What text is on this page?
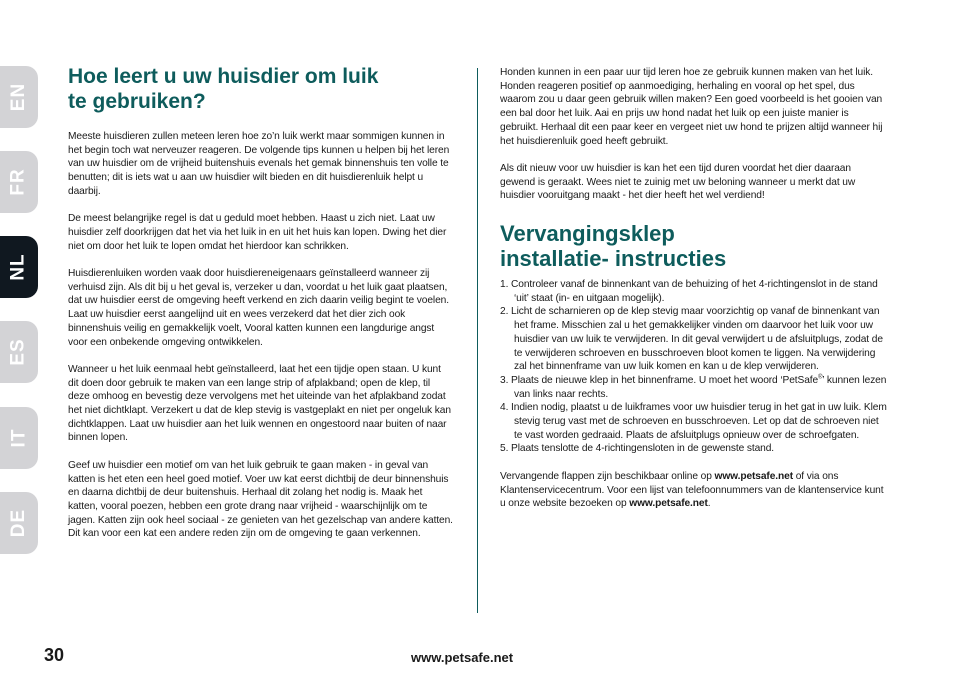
EN
FR
NL
ES
IT
DE
Hoe leert u uw huisdier om luik
te gebruiken?

Meeste huisdieren zullen meteen leren hoe zo’n luik werkt maar sommigen kunnen in het begin toch wat nerveuzer reageren. De volgende tips kunnen u helpen bij het leren van uw huisdier om de vrijheid buitenshuis evenals het gemak binnenshuis ten volle te benutten; dit is iets wat u aan uw huisdier wilt bieden en dit huisdierenluik helpt u daarbij.

De meest belangrijke regel is dat u geduld moet hebben. Haast u zich niet. Laat uw huisdier zelf doorkrijgen dat het via het luik in en uit het huis kan lopen. Dwing het dier niet om door het luik te lopen omdat het hierdoor kan schrikken.

Huisdierenluiken worden vaak door huisdiereneigenaars geïnstalleerd wanneer zij verhuisd zijn. Als dit bij u het geval is, verzeker u dan, voordat u het luik gaat plaatsen, dat uw huisdier eerst de omgeving heeft verkend en zich daarin veilig begint te voelen. Laat uw huisdier eerst aangelijnd uit en wees verzekerd dat het dier zich ook binnenshuis veilig en gemakkelijk voelt, Vooral katten kunnen een langdurige angst voor een onbekende omgeving ontwikkelen.

Wanneer u het luik eenmaal hebt geïnstalleerd, laat het een tijdje open staan. U kunt dit doen door gebruik te maken van een lange strip of afplakband; open de klep, til deze omhoog en bevestig deze vervolgens met het uiteinde van het afplakband zodat het niet dichtklapt. Verzekert u dat de klep stevig is vastgeplakt en niet per ongeluk kan dichtklappen. Laat uw huisdier aan het luik wennen en ongestoord naar buiten of naar binnen lopen.

Geef uw huisdier een motief om van het luik gebruik te gaan maken - in geval van katten is het eten een heel goed motief. Voer uw kat eerst dichtbij de deur binnenshuis en daarna dichtbij de deur buitenshuis. Herhaal dit zolang het nodig is. Maak het katten, vooral poezen, hebben een grote drang naar vrijheid - waarschijnlijk om te jagen. Katten zijn ook heel sociaal - ze genieten van het gezelschap van andere katten. Dit kan voor een kat een andere reden zijn om de omgeving te gaan verkennen.

Honden kunnen in een paar uur tijd leren hoe ze gebruik kunnen maken van het luik. Honden reageren positief op aanmoediging, herhaling en vooral op het spel, dus waarom zou u daar geen gebruik willen maken? Een goed voorbeeld is het gooien van een bal door het luik. Aai en prijs uw hond nadat het luik op een juiste manier is gebruikt. Herhaal dit een paar keer en vergeet niet uw hond te prijzen altijd wanneer hij het huisdierenluik goed heeft gebruikt.

Als dit nieuw voor uw huisdier is kan het een tijd duren voordat het dier daaraan gewend is geraakt. Wees niet te zuinig met uw beloning wanneer u merkt dat uw huisdier vooruitgang maakt - het dier heeft het wel verdiend!

Vervangingsklep
installatie- instructies
1. Controleer vanaf de binnenkant van de behuizing of het 4-richtingenslot in de stand ‘uit’ staat (in- en uitgaan mogelijk).
2. Licht de scharnieren op de klep stevig maar voorzichtig op vanaf de binnenkant van het frame. Misschien zal u het gemakkelijker vinden om daarvoor het luik voor uw huisdier van uw luik te verwijderen. In dit geval verwijdert u de afsluitplugs, zodat de te verwijderen schroeven en busschroeven bloot komen te liggen. Na verwijdering zal het binnenframe van uw luik komen en kan u de klep verwijderen.
3. Plaats de nieuwe klep in het binnenframe. U moet het woord ‘PetSafe®’ kunnen lezen van links naar rechts.
4. Indien nodig, plaatst u de luikframes voor uw huisdier terug in het gat in uw luik. Klem stevig terug vast met de schroeven en busschroeven. Let op dat de schroeven niet te vast worden gedraaid. Plaats de afsluitplugs opnieuw over de schroefgaten.
5. Plaats tenslotte de 4-richtingensloten in de gewenste stand.

Vervangende flappen zijn beschikbaar online op www.petsafe.net of via ons Klantenservicecentrum. Voor een lijst van telefoonnummers van de klantenservice kunt u onze website bezoeken op www.petsafe.net.

30	www.petsafe.net
